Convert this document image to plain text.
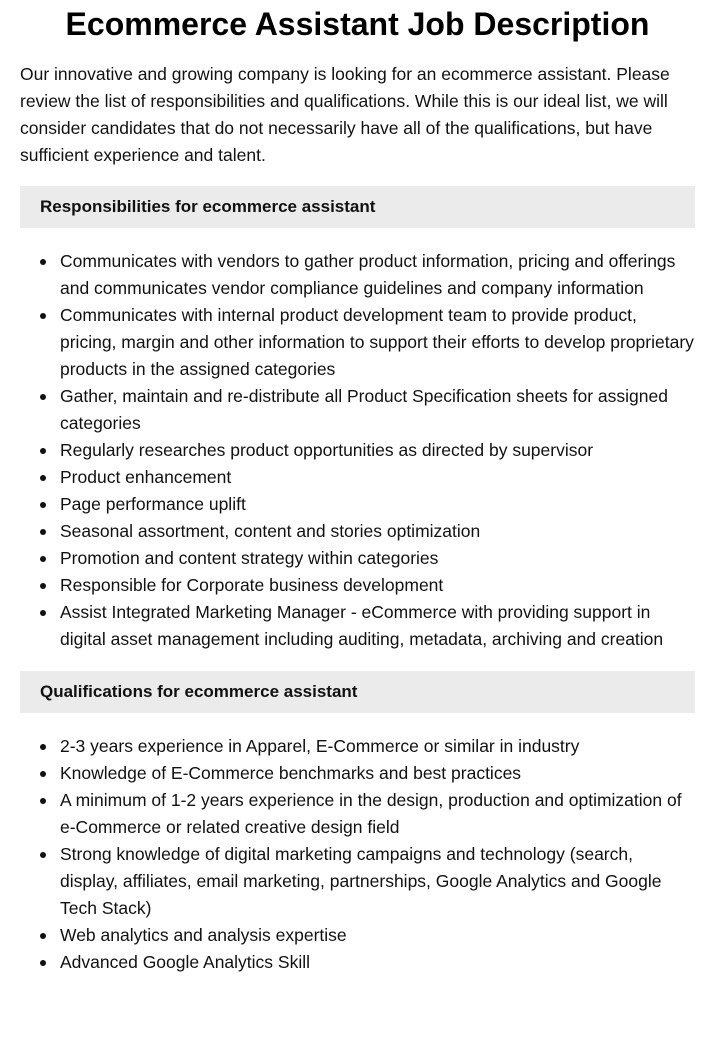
Ecommerce Assistant Job Description

Our innovative and growing company is looking for an ecommerce assistant. Please review the list of responsibilities and qualifications. While this is our ideal list, we will consider candidates that do not necessarily have all of the qualifications, but have sufficient experience and talent.

Responsibilities for ecommerce assistant
Communicates with vendors to gather product information, pricing and offerings and communicates vendor compliance guidelines and company information
Communicates with internal product development team to provide product, pricing, margin and other information to support their efforts to develop proprietary products in the assigned categories
Gather, maintain and re-distribute all Product Specification sheets for assigned categories
Regularly researches product opportunities as directed by supervisor
Product enhancement
Page performance uplift
Seasonal assortment, content and stories optimization
Promotion and content strategy within categories
Responsible for Corporate business development
Assist Integrated Marketing Manager - eCommerce with providing support in digital asset management including auditing, metadata, archiving and creation
Qualifications for ecommerce assistant
2-3 years experience in Apparel, E-Commerce or similar in industry
Knowledge of E-Commerce benchmarks and best practices
A minimum of 1-2 years experience in the design, production and optimization of e-Commerce or related creative design field
Strong knowledge of digital marketing campaigns and technology (search, display, affiliates, email marketing, partnerships, Google Analytics and Google Tech Stack)
Web analytics and analysis expertise
Advanced Google Analytics Skill
